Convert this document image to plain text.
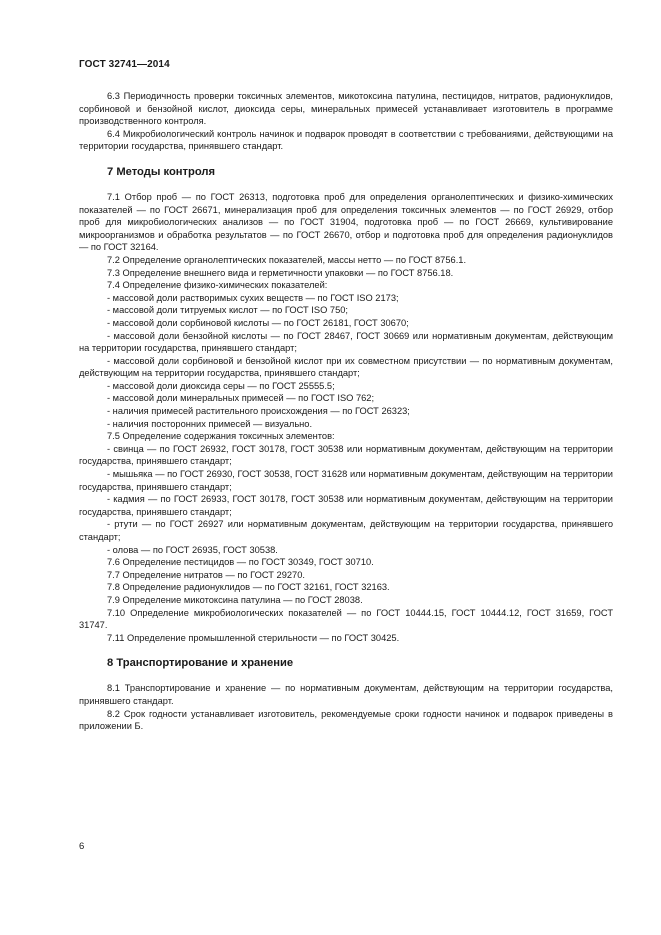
ГОСТ 32741—2014

6.3 Периодичность проверки токсичных элементов, микотоксина патулина, пестицидов, нитратов, радионуклидов, сорбиновой и бензойной кислот, диоксида серы, минеральных примесей устанавливает изготовитель в программе производственного контроля.

6.4 Микробиологический контроль начинок и подварок проводят в соответствии с требованиями, действующими на территории государства, принявшего стандарт.

7 Методы контроля

7.1 Отбор проб — по ГОСТ 26313, подготовка проб для определения органолептических и физико-химических показателей — по ГОСТ 26671, минерализация проб для определения токсичных элементов — по ГОСТ 26929, отбор проб для микробиологических анализов — по ГОСТ 31904, подготовка проб — по ГОСТ 26669, культивирование микроорганизмов и обработка результатов — по ГОСТ 26670, отбор и подготовка проб для определения радионуклидов — по ГОСТ 32164.

7.2 Определение органолептических показателей, массы нетто — по ГОСТ 8756.1.

7.3 Определение внешнего вида и герметичности упаковки — по ГОСТ 8756.18.

7.4 Определение физико-химических показателей:

- массовой доли растворимых сухих веществ — по ГОСТ ISO 2173;

- массовой доли титруемых кислот — по ГОСТ ISO 750;

- массовой доли сорбиновой кислоты — по ГОСТ 26181, ГОСТ 30670;

- массовой доли бензойной кислоты — по ГОСТ 28467, ГОСТ 30669 или нормативным документам, действующим на территории государства, принявшего стандарт;

- массовой доли сорбиновой и бензойной кислот при их совместном присутствии — по нормативным документам, действующим на территории государства, принявшего стандарт;

- массовой доли диоксида серы — по ГОСТ 25555.5;

- массовой доли минеральных примесей — по ГОСТ ISO 762;

- наличия примесей растительного происхождения — по ГОСТ 26323;

- наличия посторонних примесей — визуально.

7.5 Определение содержания токсичных элементов:

- свинца — по ГОСТ 26932, ГОСТ 30178, ГОСТ 30538 или нормативным документам, действующим на территории государства, принявшего стандарт;

- мышьяка — по ГОСТ 26930, ГОСТ 30538, ГОСТ 31628 или нормативным документам, действующим на территории государства, принявшего стандарт;

- кадмия — по ГОСТ 26933, ГОСТ 30178, ГОСТ 30538 или нормативным документам, действующим на территории государства, принявшего стандарт;

- ртути — по ГОСТ 26927 или нормативным документам, действующим на территории государства, принявшего стандарт;

- олова — по ГОСТ 26935, ГОСТ 30538.

7.6 Определение пестицидов — по ГОСТ 30349, ГОСТ 30710.

7.7 Определение нитратов — по ГОСТ 29270.

7.8 Определение радионуклидов — по ГОСТ 32161, ГОСТ 32163.

7.9 Определение микотоксина патулина — по ГОСТ 28038.

7.10 Определение микробиологических показателей — по ГОСТ 10444.15, ГОСТ 10444.12, ГОСТ 31659, ГОСТ 31747.

7.11 Определение промышленной стерильности — по ГОСТ 30425.

8 Транспортирование и хранение

8.1 Транспортирование и хранение — по нормативным документам, действующим на территории государства, принявшего стандарт.

8.2 Срок годности устанавливает изготовитель, рекомендуемые сроки годности начинок и подварок приведены в приложении Б.

6
